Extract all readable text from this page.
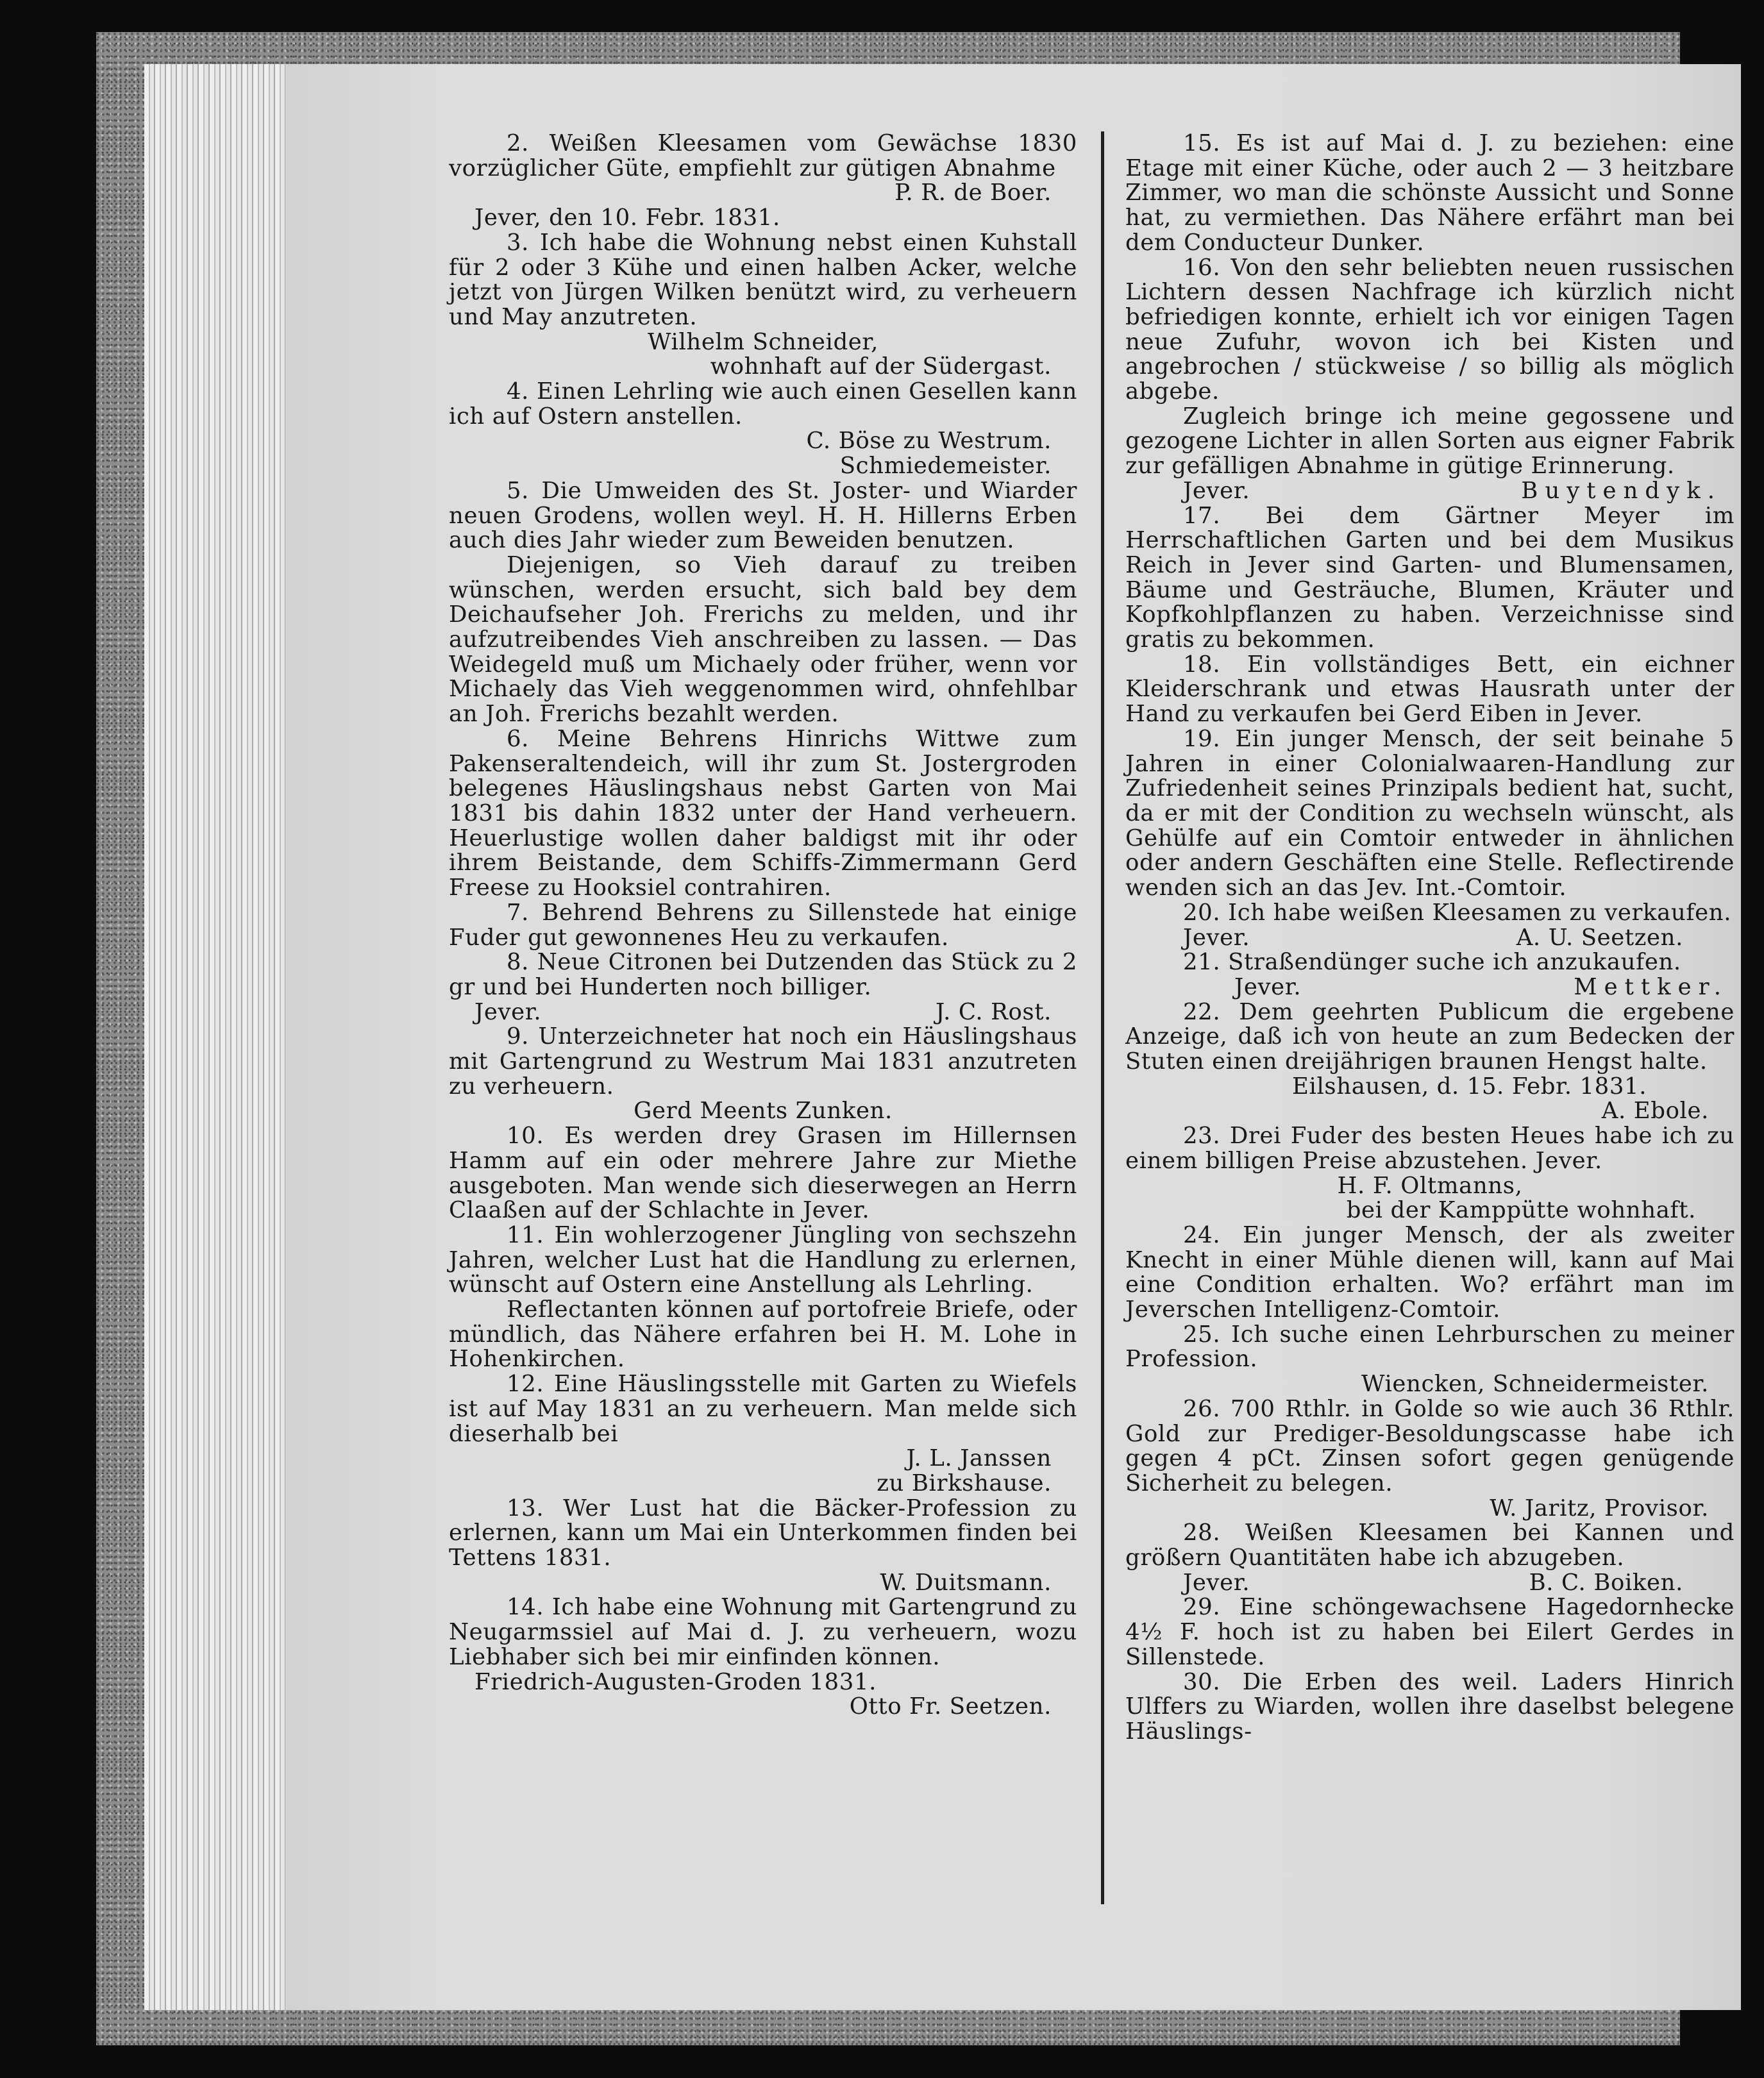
2. Weißen Kleesamen vom Gewächse 1830 vorzüglicher Güte, empfiehlt zur gütigen Abnahme

P. R. de Boer.
Jever, den 10. Febr. 1831.

3. Ich habe die Wohnung nebst einen Kuhstall für 2 oder 3 Kühe und einen halben Acker, welche jetzt von Jürgen Wilken benützt wird, zu verheuern und May anzutreten.

Wilhelm Schneider,
wohnhaft auf der Südergast.

4. Einen Lehrling wie auch einen Gesellen kann ich auf Ostern anstellen.

C. Böse zu Westrum.
Schmiedemeister.

5. Die Umweiden des St. Joster- und Wiarder neuen Grodens, wollen weyl. H. H. Hillerns Erben auch dies Jahr wieder zum Beweiden benutzen.

Diejenigen, so Vieh darauf zu treiben wünschen, werden ersucht, sich bald bey dem Deichaufseher Joh. Frerichs zu melden, und ihr aufzutreibendes Vieh anschreiben zu lassen. — Das Weidegeld muß um Michaely oder früher, wenn vor Michaely das Vieh weggenommen wird, ohnfehlbar an Joh. Frerichs bezahlt werden.

6. Meine Behrens Hinrichs Wittwe zum Pakenseraltendeich, will ihr zum St. Jostergroden belegenes Häuslingshaus nebst Garten von Mai 1831 bis dahin 1832 unter der Hand verheuern. Heuerlustige wollen daher baldigst mit ihr oder ihrem Beistande, dem Schiffs-Zimmermann Gerd Freese zu Hooksiel contrahiren.

7. Behrend Behrens zu Sillenstede hat einige Fuder gut gewonnenes Heu zu verkaufen.

8. Neue Citronen bei Dutzenden das Stück zu 2 gr und bei Hunderten noch billiger.

Jever.	J. C. Rost.

9. Unterzeichneter hat noch ein Häuslingshaus mit Gartengrund zu Westrum Mai 1831 anzutreten zu verheuern.

Gerd Meents Zunken.

10. Es werden drey Grasen im Hillernsen Hamm auf ein oder mehrere Jahre zur Miethe ausgeboten. Man wende sich dieserwegen an Herrn Claaßen auf der Schlachte in Jever.

11. Ein wohlerzogener Jüngling von sechszehn Jahren, welcher Lust hat die Handlung zu erlernen, wünscht auf Ostern eine Anstellung als Lehrling.

Reflectanten können auf portofreie Briefe, oder mündlich, das Nähere erfahren bei H. M. Lohe in Hohenkirchen.

12. Eine Häuslingsstelle mit Garten zu Wiefels ist auf May 1831 an zu verheuern. Man melde sich dieserhalb bei

J. L. Janssen
zu Birkshause.

13. Wer Lust hat die Bäcker-Profession zu erlernen, kann um Mai ein Unterkommen finden bei Tettens 1831.

W. Duitsmann.

14. Ich habe eine Wohnung mit Gartengrund zu Neugarmssiel auf Mai d. J. zu verheuern, wozu Liebhaber sich bei mir einfinden können.

Friedrich-Augusten-Groden 1831.
Otto Fr. Seetzen.

15. Es ist auf Mai d. J. zu beziehen: eine Etage mit einer Küche, oder auch 2 — 3 heitzbare Zimmer, wo man die schönste Aussicht und Sonne hat, zu vermiethen. Das Nähere erfährt man bei dem Conducteur Dunker.

16. Von den sehr beliebten neuen russischen Lichtern dessen Nachfrage ich kürzlich nicht befriedigen konnte, erhielt ich vor einigen Tagen neue Zufuhr, wovon ich bei Kisten und angebrochen / stückweise / so billig als möglich abgebe.

Zugleich bringe ich meine gegossene und gezogene Lichter in allen Sorten aus eigner Fabrik zur gefälligen Abnahme in gütige Erinnerung.

Jever.	Buytendyk.

17. Bei dem Gärtner Meyer im Herrschaftlichen Garten und bei dem Musikus Reich in Jever sind Garten- und Blumensamen, Bäume und Gesträuche, Blumen, Kräuter und Kopfkohlpflanzen zu haben. Verzeichnisse sind gratis zu bekommen.

18. Ein vollständiges Bett, ein eichner Kleiderschrank und etwas Hausrath unter der Hand zu verkaufen bei Gerd Eiben in Jever.

19. Ein junger Mensch, der seit beinahe 5 Jahren in einer Colonialwaaren-Handlung zur Zufriedenheit seines Prinzipals bedient hat, sucht, da er mit der Condition zu wechseln wünscht, als Gehülfe auf ein Comtoir entweder in ähnlichen oder andern Geschäften eine Stelle. Reflectirende wenden sich an das Jev. Int.-Comtoir.

20. Ich habe weißen Kleesamen zu verkaufen.

Jever.	A. U. Seetzen.

21. Straßendünger suche ich anzukaufen.

Jever.	Mettker.

22. Dem geehrten Publicum die ergebene Anzeige, daß ich von heute an zum Bedecken der Stuten einen dreijährigen braunen Hengst halte.

Eilshausen, d. 15. Febr. 1831.
A. Ebole.

23. Drei Fuder des besten Heues habe ich zu einem billigen Preise abzustehen. Jever.

H. F. Oltmanns,
bei der Kamppütte wohnhaft.

24. Ein junger Mensch, der als zweiter Knecht in einer Mühle dienen will, kann auf Mai eine Condition erhalten. Wo? erfährt man im Jeverschen Intelligenz-Comtoir.

25. Ich suche einen Lehrburschen zu meiner Profession.

Wiencken, Schneidermeister.

26. 700 Rthlr. in Golde so wie auch 36 Rthlr. Gold zur Prediger-Besoldungscasse habe ich gegen 4 pCt. Zinsen sofort gegen genügende Sicherheit zu belegen.

W. Jaritz, Provisor.

28. Weißen Kleesamen bei Kannen und größern Quantitäten habe ich abzugeben.

Jever.	B. C. Boiken.

29. Eine schöngewachsene Hagedornhecke 4½ F. hoch ist zu haben bei Eilert Gerdes in Sillenstede.

30. Die Erben des weil. Laders Hinrich Ulffers zu Wiarden, wollen ihre daselbst belegene Häuslings-
